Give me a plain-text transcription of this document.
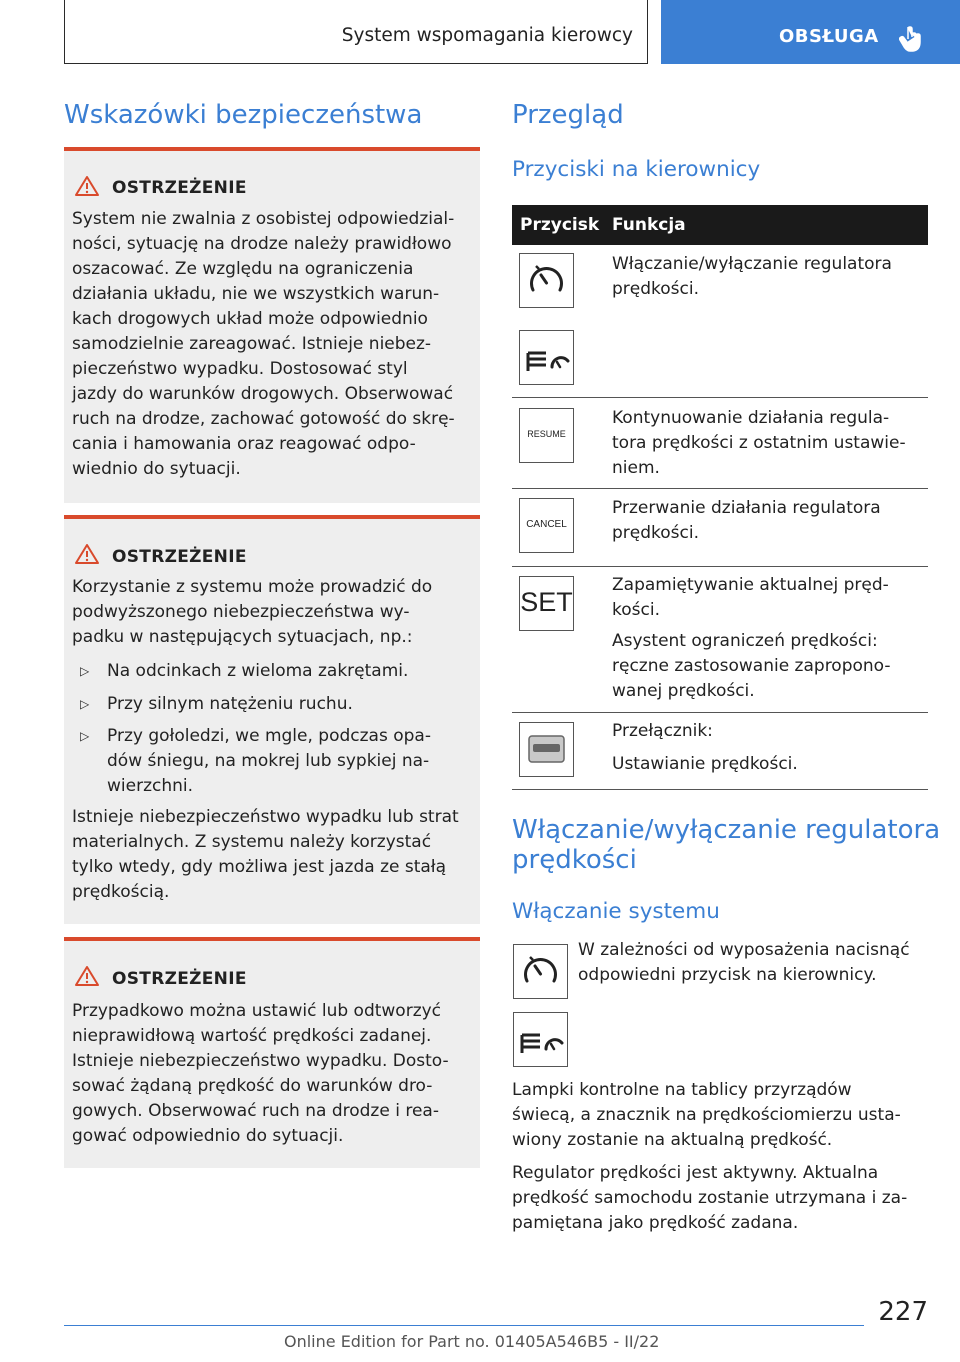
System wspomagania kierowcy	OBSŁUGA
Wskazówki bezpieczeństwa
OSTRZEŻENIE

System nie zwalnia z osobistej odpowiedzial-
ności, sytuację na drodze należy prawidłowo
oszacować. Ze względu na ograniczenia
działania układu, nie we wszystkich warun-
kach drogowych układ może odpowiednio
samodzielnie zareagować. Istnieje niebez-
pieczeństwo wypadku. Dostosować styl
jazdy do warunków drogowych. Obserwować
ruch na drodze, zachować gotowość do skrę-
cania i hamowania oraz reagować odpo-
wiednio do sytuacji.

OSTRZEŻENIE

Korzystanie z systemu może prowadzić do
podwyższonego niebezpieczeństwa wy-
padku w następujących sytuacjach, np.:

▷ Na odcinkach z wieloma zakrętami.
▷ Przy silnym natężeniu ruchu.
▷ Przy gołoledzi, we mgle, podczas opa-
dów śniegu, na mokrej lub sypkiej na-
wierzchni.

Istnieje niebezpieczeństwo wypadku lub strat
materialnych. Z systemu należy korzystać
tylko wtedy, gdy możliwa jest jazda ze stałą
prędkością.

OSTRZEŻENIE

Przypadkowo można ustawić lub odtworzyć
nieprawidłową wartość prędkości zadanej.
Istnieje niebezpieczeństwo wypadku. Dosto-
sować żądaną prędkość do warunków dro-
gowych. Obserwować ruch na drodze i rea-
gować odpowiednio do sytuacji.

Przegląd
Przyciski na kierownicy
Przycisk Funkcja
Włączanie/wyłączanie regulatora
prędkości.
RESUME
Kontynuowanie działania regula-
tora prędkości z ostatnim ustawie-
niem.
CANCEL
Przerwanie działania regulatora
prędkości.
SET
Zapamiętywanie aktualnej pręd-
kości.
Asystent ograniczeń prędkości:
ręczne zastosowanie zapropono-
wanej prędkości.
Przełącznik:
Ustawianie prędkości.
Włączanie/wyłączanie regulatora
prędkości
Włączanie systemu

W zależności od wyposażenia nacisnąć
odpowiedni przycisk na kierownicy.

Lampki kontrolne na tablicy przyrządów
świecą, a znacznik na prędkościomierzu usta-
wiony zostanie na aktualną prędkość.

Regulator prędkości jest aktywny. Aktualna
prędkość samochodu zostanie utrzymana i za-
pamiętana jako prędkość zadana.

227
Online Edition for Part no. 01405A546B5 - II/22
